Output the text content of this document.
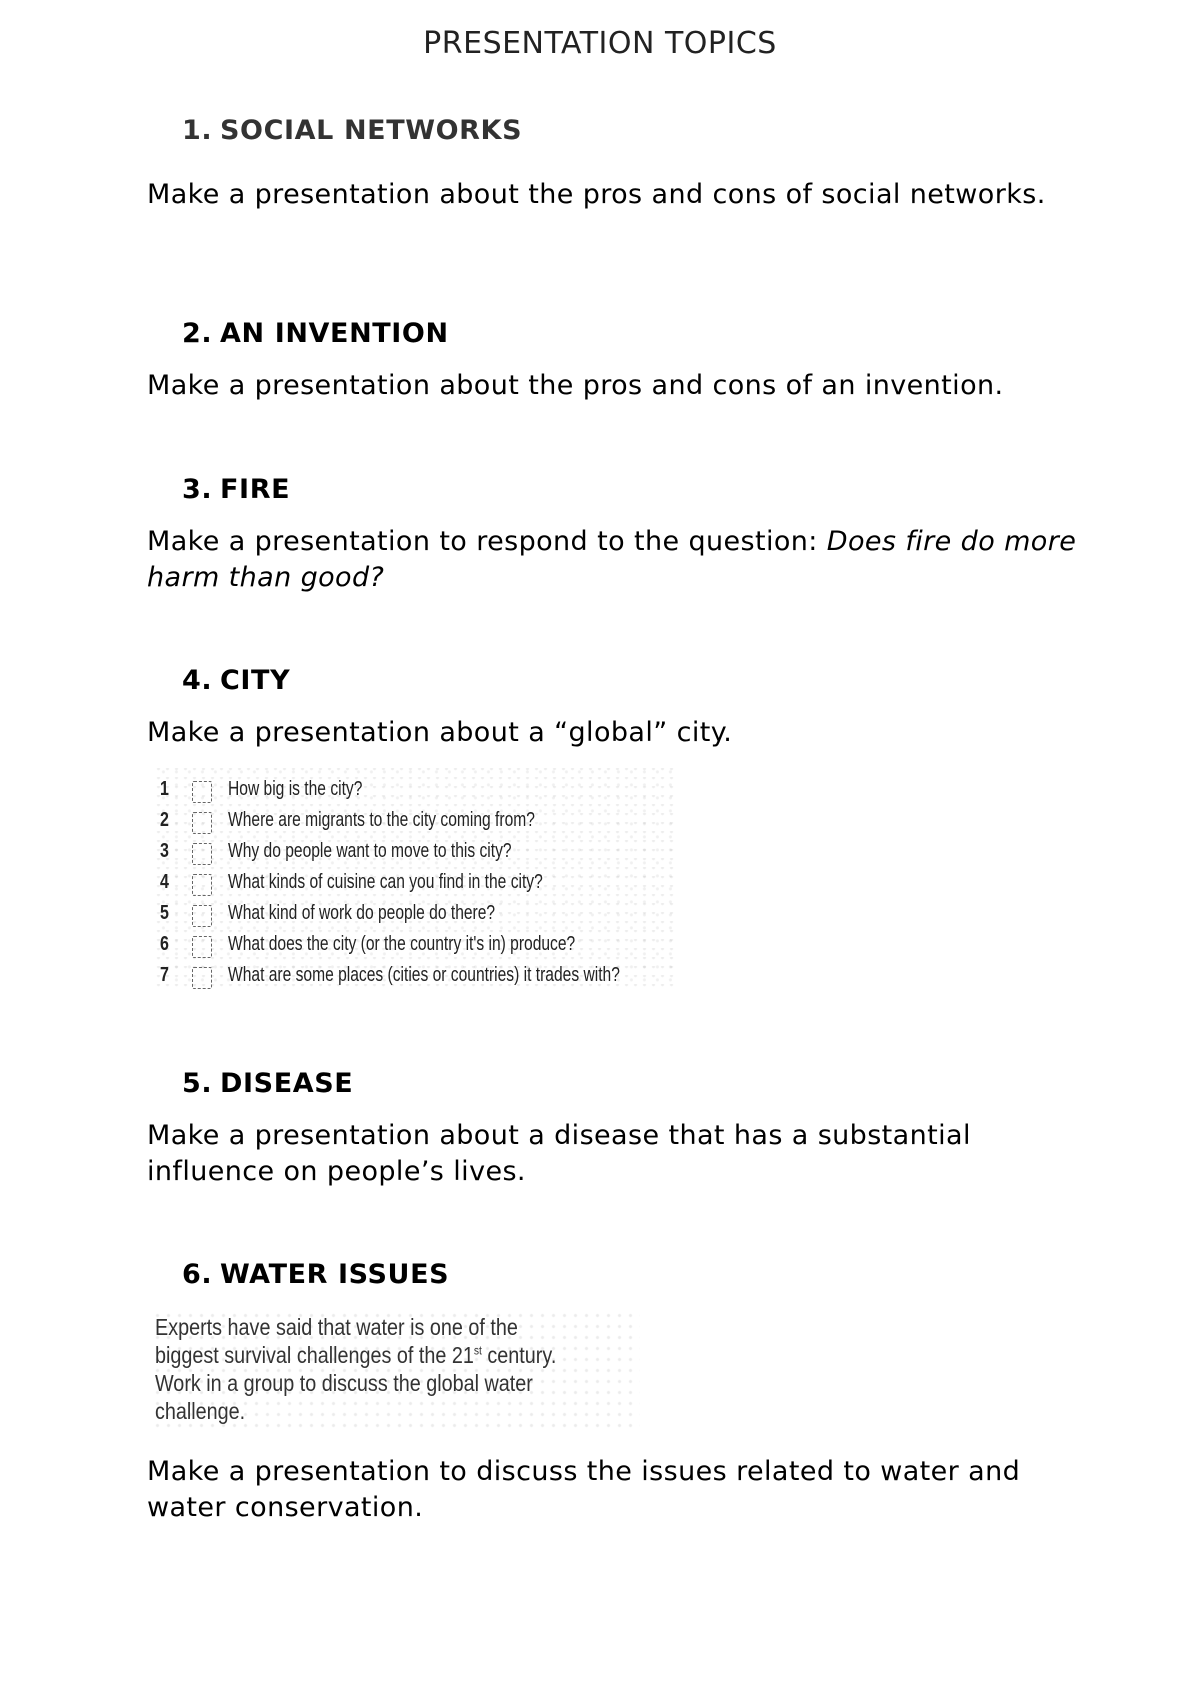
PRESENTATION TOPICS
1. SOCIAL NETWORKS
Make a presentation about the pros and cons of social networks.
2. AN INVENTION
Make a presentation about the pros and cons of an invention.
3. FIRE
Make a presentation to respond to the question: Does fire do more harm than good?
4. CITY
Make a presentation about a “global” city.
1	How big is the city?
2	Where are migrants to the city coming from?
3	Why do people want to move to this city?
4	What kinds of cuisine can you find in the city?
5	What kind of work do people do there?
6	What does the city (or the country it's in) produce?
7	What are some places (cities or countries) it trades with?
5. DISEASE
Make a presentation about a disease that has a substantial influence on people’s lives.
6. WATER ISSUES
Experts have said that water is one of the
biggest survival challenges of the 21st century.
Work in a group to discuss the global water
challenge.
Make a presentation to discuss the issues related to water and water conservation.
